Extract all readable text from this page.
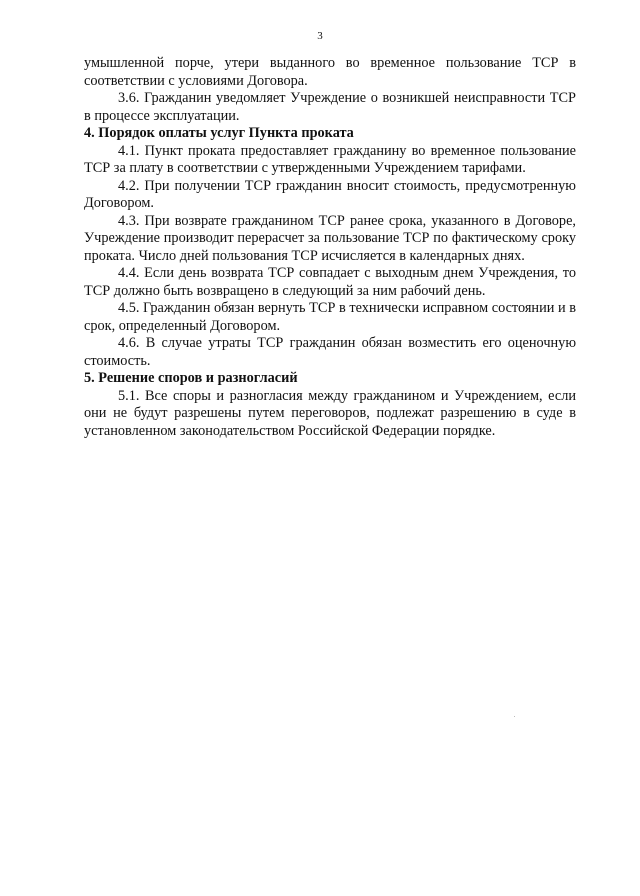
3

умышленной порче, утери выданного во временное пользование ТСР в соответствии с условиями Договора.

3.6. Гражданин уведомляет Учреждение о возникшей неисправности ТСР в процессе эксплуатации.

4. Порядок оплаты услуг Пункта проката

4.1. Пункт проката предоставляет гражданину во временное пользование ТСР за плату в соответствии с утвержденными Учреждением тарифами.

4.2. При получении ТСР гражданин вносит стоимость, предусмотренную Договором.

4.3. При возврате гражданином ТСР ранее срока, указанного в Договоре, Учреждение производит перерасчет за пользование ТСР по фактическому сроку проката. Число дней пользования ТСР исчисляется в календарных днях.

4.4. Если день возврата ТСР совпадает с выходным днем Учреждения, то ТСР должно быть возвращено в следующий за ним рабочий день.

4.5. Гражданин обязан вернуть ТСР в технически исправном состоянии и в срок, определенный Договором.

4.6. В случае утраты ТСР гражданин обязан возместить его оценочную стоимость.

5. Решение споров и разногласий

5.1. Все споры и разногласия между гражданином и Учреждением, если они не будут разрешены путем переговоров, подлежат разрешению в суде в установленном законодательством Российской Федерации порядке.
